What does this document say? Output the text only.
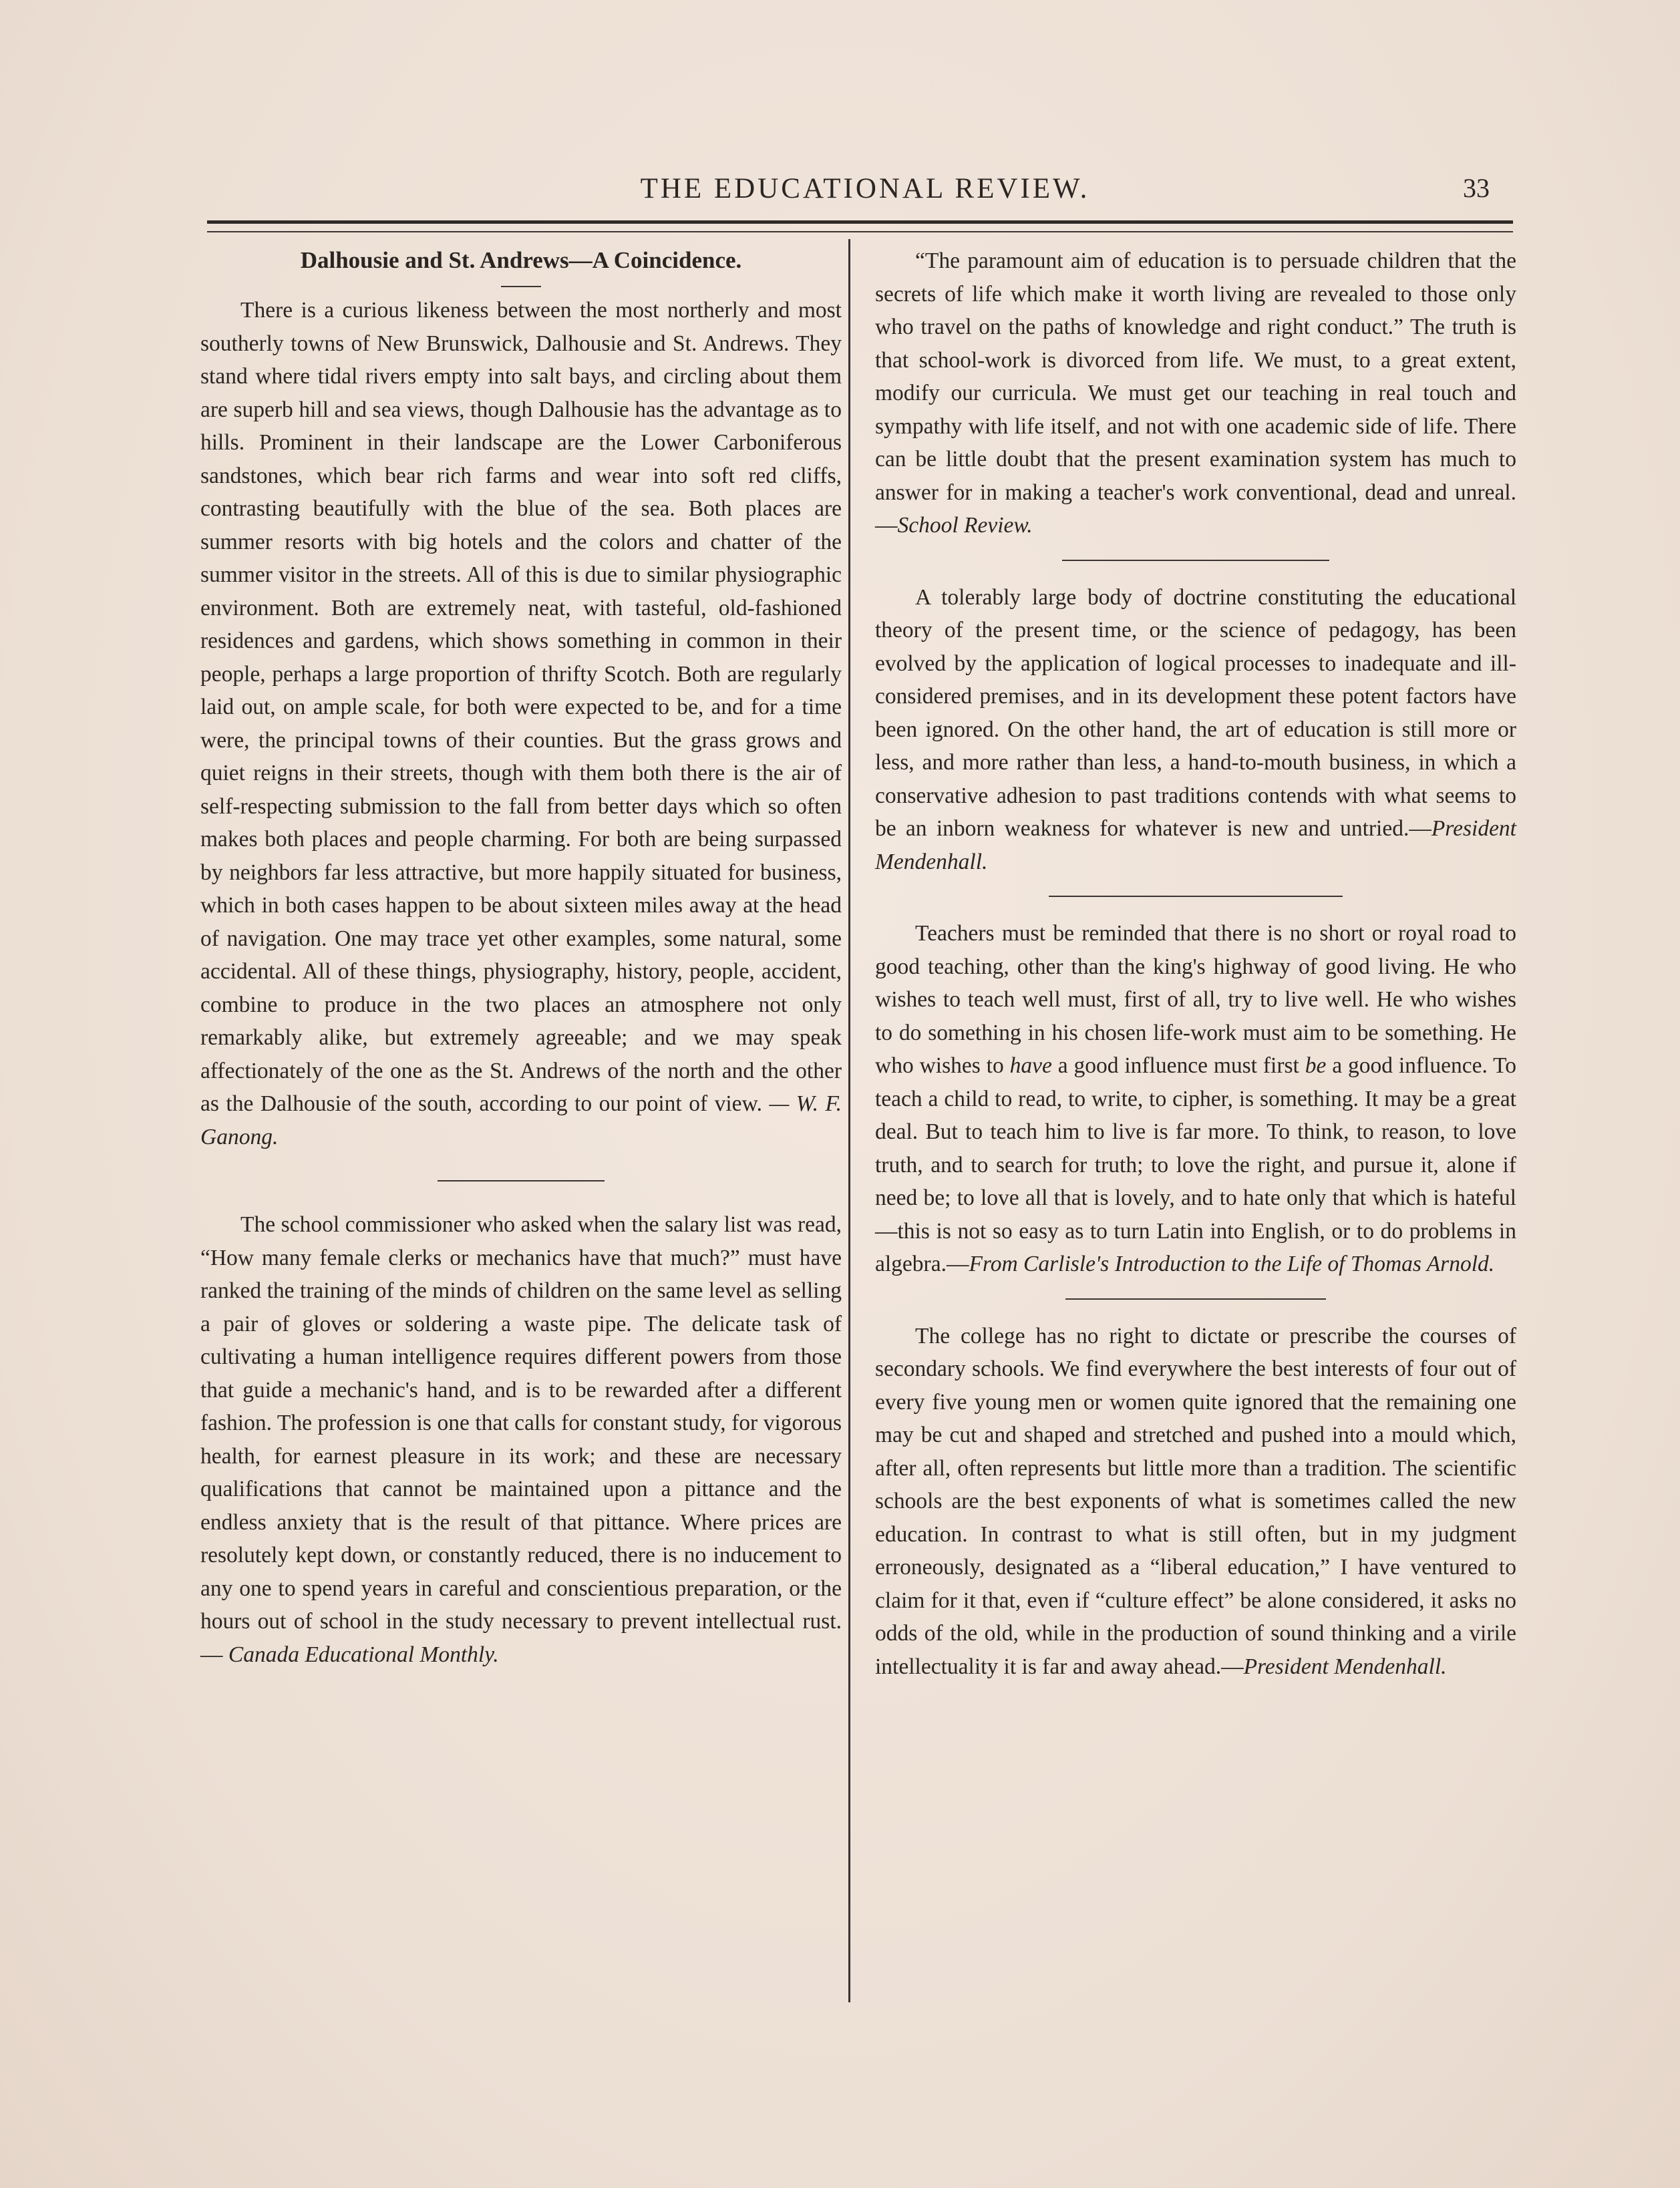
THE EDUCATIONAL REVIEW.	33
Dalhousie and St. Andrews—A Coincidence.

There is a curious likeness between the most northerly and most southerly towns of New Brunswick, Dalhousie and St. Andrews. They stand where tidal rivers empty into salt bays, and circling about them are superb hill and sea views, though Dalhousie has the advantage as to hills. Prominent in their landscape are the Lower Carboniferous sandstones, which bear rich farms and wear into soft red cliffs, contrasting beautifully with the blue of the sea. Both places are summer resorts with big hotels and the colors and chatter of the summer visitor in the streets. All of this is due to similar physiographic environment. Both are extremely neat, with tasteful, old-fashioned residences and gardens, which shows something in common in their people, perhaps a large proportion of thrifty Scotch. Both are regularly laid out, on ample scale, for both were expected to be, and for a time were, the principal towns of their counties. But the grass grows and quiet reigns in their streets, though with them both there is the air of self-respecting submission to the fall from better days which so often makes both places and people charming. For both are being surpassed by neighbors far less attractive, but more happily situated for business, which in both cases happen to be about sixteen miles away at the head of navigation. One may trace yet other examples, some natural, some accidental. All of these things, physiography, history, people, accident, combine to produce in the two places an atmosphere not only remarkably alike, but extremely agreeable; and we may speak affectionately of the one as the St. Andrews of the north and the other as the Dalhousie of the south, according to our point of view. — W. F. Ganong.

The school commissioner who asked when the salary list was read, “How many female clerks or mechanics have that much?” must have ranked the training of the minds of children on the same level as selling a pair of gloves or soldering a waste pipe. The delicate task of cultivating a human intelligence requires different powers from those that guide a mechanic's hand, and is to be rewarded after a different fashion. The profession is one that calls for constant study, for vigorous health, for earnest pleasure in its work; and these are necessary qualifications that cannot be maintained upon a pittance and the endless anxiety that is the result of that pittance. Where prices are resolutely kept down, or constantly reduced, there is no inducement to any one to spend years in careful and conscientious preparation, or the hours out of school in the study necessary to prevent intellectual rust. — Canada Educational Monthly.

“The paramount aim of education is to persuade children that the secrets of life which make it worth living are revealed to those only who travel on the paths of knowledge and right conduct.” The truth is that school-work is divorced from life. We must, to a great extent, modify our curricula. We must get our teaching in real touch and sympathy with life itself, and not with one academic side of life. There can be little doubt that the present examination system has much to answer for in making a teacher's work conventional, dead and unreal.—School Review.

A tolerably large body of doctrine constituting the educational theory of the present time, or the science of pedagogy, has been evolved by the application of logical processes to inadequate and ill-considered premises, and in its development these potent factors have been ignored. On the other hand, the art of education is still more or less, and more rather than less, a hand-to-mouth business, in which a conservative adhesion to past traditions contends with what seems to be an inborn weakness for whatever is new and untried.—President Mendenhall.

Teachers must be reminded that there is no short or royal road to good teaching, other than the king's highway of good living. He who wishes to teach well must, first of all, try to live well. He who wishes to do something in his chosen life-work must aim to be something. He who wishes to have a good influence must first be a good influence. To teach a child to read, to write, to cipher, is something. It may be a great deal. But to teach him to live is far more. To think, to reason, to love truth, and to search for truth; to love the right, and pursue it, alone if need be; to love all that is lovely, and to hate only that which is hateful—this is not so easy as to turn Latin into English, or to do problems in algebra.—From Carlisle's Introduction to the Life of Thomas Arnold.

The college has no right to dictate or prescribe the courses of secondary schools. We find everywhere the best interests of four out of every five young men or women quite ignored that the remaining one may be cut and shaped and stretched and pushed into a mould which, after all, often represents but little more than a tradition. The scientific schools are the best exponents of what is sometimes called the new education. In contrast to what is still often, but in my judgment erroneously, designated as a “liberal education,” I have ventured to claim for it that, even if “culture effect” be alone considered, it asks no odds of the old, while in the production of sound thinking and a virile intellectuality it is far and away ahead.—President Mendenhall.
